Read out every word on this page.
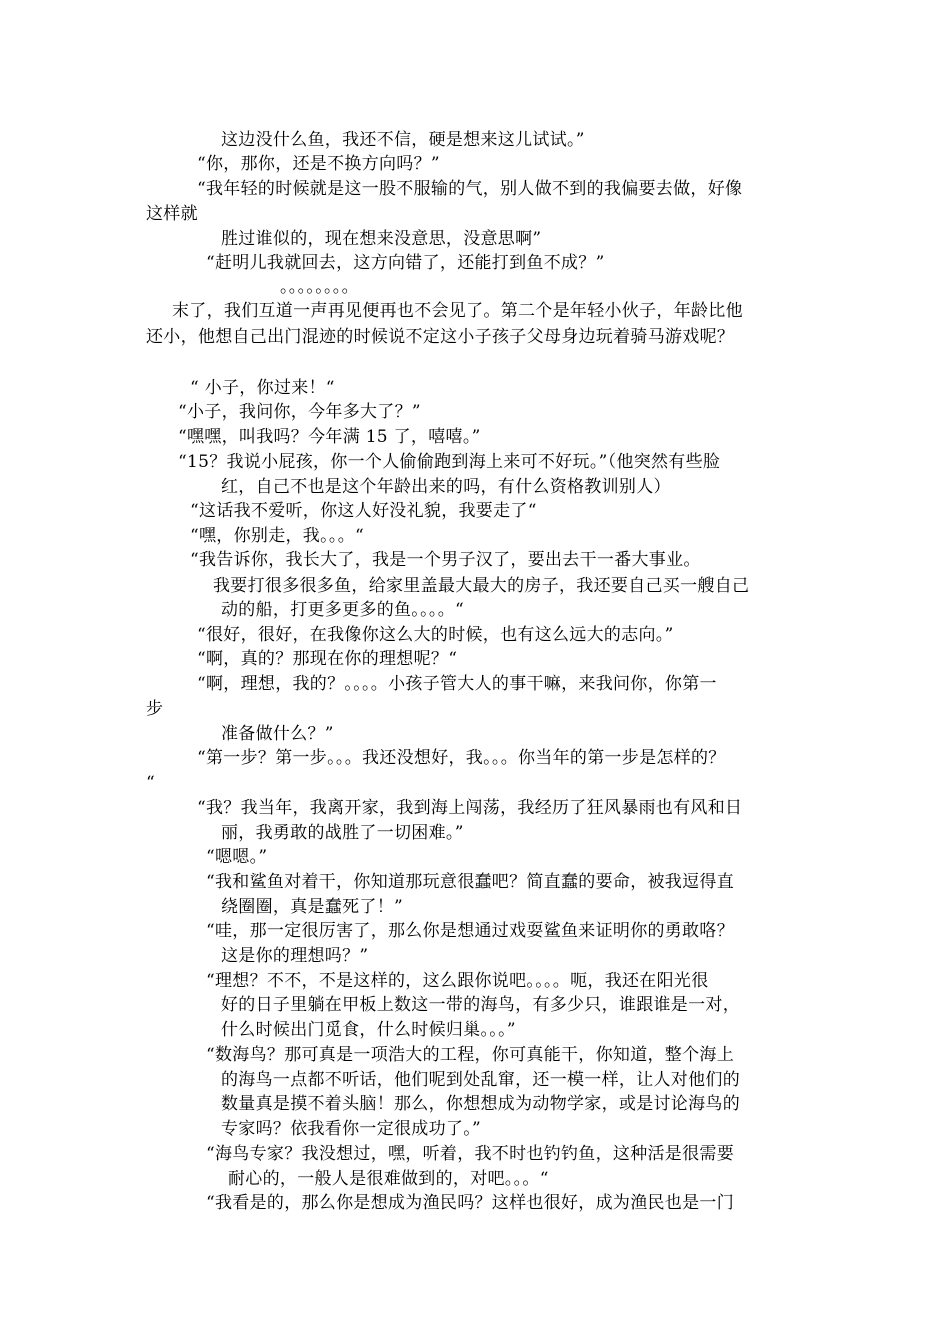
这边没什么鱼，我还不信，硬是想来这儿试试。”
“你，那你，还是不换方向吗？”
“我年轻的时候就是这一股不服输的气，别人做不到的我偏要去做，好像
这样就
胜过谁似的，现在想来没意思，没意思啊”
“赶明儿我就回去，这方向错了，还能打到鱼不成？”
。。。。。。。。
末了，我们互道一声再见便再也不会见了。第二个是年轻小伙子，年龄比他
还小，他想自己出门混迹的时候说不定这小子孩子父母身边玩着骑马游戏呢？
“ 小子，你过来！“
“小子，我问你，今年多大了？”
“嘿嘿，叫我吗？今年满 15 了，嘻嘻。”
“15？我说小屁孩，你一个人偷偷跑到海上来可不好玩。”（他突然有些脸
红，自己不也是这个年龄出来的吗，有什么资格教训别人）
“这话我不爱听，你这人好没礼貌，我要走了“
“嘿，你别走，我。。。“
“我告诉你，我长大了，我是一个男子汉了，要出去干一番大事业。
我要打很多很多鱼，给家里盖最大最大的房子，我还要自己买一艘自己
动的船，打更多更多的鱼。。。。“
“很好，很好，在我像你这么大的时候，也有这么远大的志向。”
“啊，真的？那现在你的理想呢？“
“啊，理想，我的？。。。。小孩子管大人的事干嘛，来我问你，你第一
步
准备做什么？”
“第一步？第一步。。。我还没想好，我。。。你当年的第一步是怎样的？
“
“我？我当年，我离开家，我到海上闯荡，我经历了狂风暴雨也有风和日
丽，我勇敢的战胜了一切困难。”
“嗯嗯。”
“我和鲨鱼对着干，你知道那玩意很蠢吧？简直蠢的要命，被我逗得直
绕圈圈，真是蠢死了！”
“哇，那一定很厉害了，那么你是想通过戏耍鲨鱼来证明你的勇敢咯？
这是你的理想吗？”
“理想？不不，不是这样的，这么跟你说吧。。。。呃，我还在阳光很
好的日子里躺在甲板上数这一带的海鸟，有多少只，谁跟谁是一对，
什么时候出门觅食，什么时候归巢。。。”
“数海鸟？那可真是一项浩大的工程，你可真能干，你知道，整个海上
的海鸟一点都不听话，他们呢到处乱窜，还一模一样，让人对他们的
数量真是摸不着头脑！那么，你想想成为动物学家，或是讨论海鸟的
专家吗？依我看你一定很成功了。”
“海鸟专家？我没想过，嘿，听着，我不时也钓钓鱼，这种活是很需要
耐心的，一般人是很难做到的，对吧。。。“
“我看是的，那么你是想成为渔民吗？这样也很好，成为渔民也是一门
